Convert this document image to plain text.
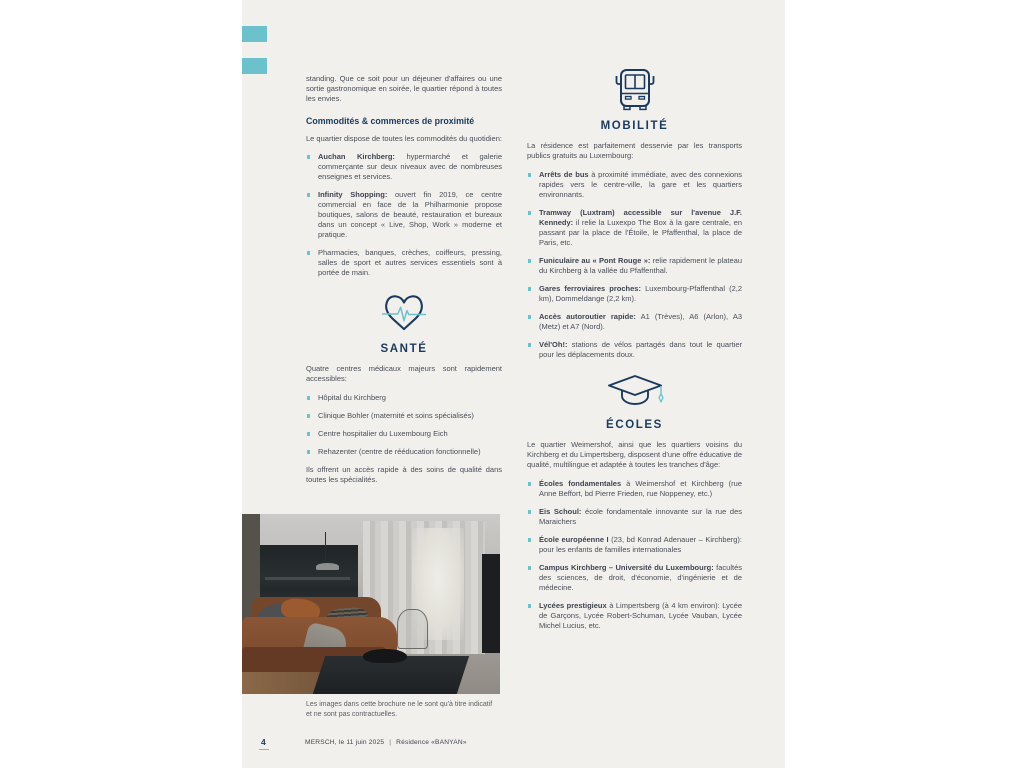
standing. Que ce soit pour un déjeuner d'affaires ou une sortie gastronomique en soirée, le quartier répond à toutes les envies.

Commodités & commerces de proximité

Le quartier dispose de toutes les commodités du quotidien:

Auchan Kirchberg: hypermarché et galerie commerçante sur deux niveaux avec de nombreuses enseignes et services.
Infinity Shopping: ouvert fin 2019, ce centre commercial en face de la Philharmonie propose boutiques, salons de beauté, restauration et bureaux dans un concept « Live, Shop, Work » moderne et pratique.
Pharmacies, banques, crèches, coiffeurs, pressing, salles de sport et autres services essentiels sont à portée de main.
SANTÉ

Quatre centres médicaux majeurs sont rapidement accessibles:

Hôpital du Kirchberg
Clinique Bohler (maternité et soins spécialisés)
Centre hospitalier du Luxembourg Eich
Rehazenter (centre de rééducation fonctionnelle)

Ils offrent un accès rapide à des soins de qualité dans toutes les spécialités.

Les images dans cette brochure ne le sont qu'à titre indicatif et ne sont pas contractuelles.

MOBILITÉ

La résidence est parfaitement desservie par les transports publics gratuits au Luxembourg:

Arrêts de bus à proximité immédiate, avec des connexions rapides vers le centre-ville, la gare et les quartiers environnants.
Tramway (Luxtram) accessible sur l'avenue J.F. Kennedy: il relie la Luxexpo The Box à la gare centrale, en passant par la place de l'Étoile, le Pfaffenthal, la place de Paris, etc.
Funiculaire au « Pont Rouge »: relie rapidement le plateau du Kirchberg à la vallée du Pfaffenthal.
Gares ferroviaires proches: Luxembourg-Pfaffenthal (2,2 km), Dommeldange (2,2 km).
Accès autoroutier rapide: A1 (Trèves), A6 (Arlon), A3 (Metz) et A7 (Nord).
Vél'Oh!: stations de vélos partagés dans tout le quartier pour les déplacements doux.
ÉCOLES

Le quartier Weimershof, ainsi que les quartiers voisins du Kirchberg et du Limpertsberg, disposent d'une offre éducative de qualité, multilingue et adaptée à toutes les tranches d'âge:

Écoles fondamentales à Weimershof et Kirchberg (rue Anne Beffort, bd Pierre Frieden, rue Noppeney, etc.)
Eis Schoul: école fondamentale innovante sur la rue des Maraichers
École européenne I (23, bd Konrad Adenauer – Kirchberg): pour les enfants de familles internationales
Campus Kirchberg – Université du Luxembourg: facultés des sciences, de droit, d'économie, d'ingénierie et de médecine.
Lycées prestigieux à Limpertsberg (à 4 km environ): Lycée de Garçons, Lycée Robert-Schuman, Lycée Vauban, Lycée Michel Lucius, etc.
4	MERSCH, le 11 juin 2025 | Résidence «BANYAN»
